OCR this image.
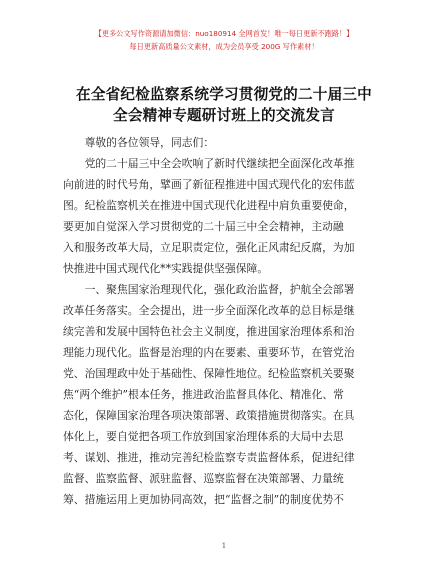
【更多公文写作资源请加微信：nuo180914 全网首发！唯一每日更新不跑路！】
每日更新高质量公文素材，成为会员享受 200G 写作素材！
在全省纪检监察系统学习贯彻党的二十届三中
全会精神专题研讨班上的交流发言
　　尊敬的各位领导，同志们：
　　党的二十届三中全会吹响了新时代继续把全面深化改革推
向前进的时代号角，擘画了新征程推进中国式现代化的宏伟蓝
图。纪检监察机关在推进中国式现代化进程中肩负重要使命，
要更加自觉深入学习贯彻党的二十届三中全会精神，主动融
入和服务改革大局，立足职责定位，强化正风肃纪反腐，为加
快推进中国式现代化**实践提供坚强保障。
　　一、聚焦国家治理现代化，强化政治监督，护航全会部署
改革任务落实。全会提出，进一步全面深化改革的总目标是继
续完善和发展中国特色社会主义制度，推进国家治理体系和治
理能力现代化。监督是治理的内在要素、重要环节，在管党治
党、治国理政中处于基础性、保障性地位。纪检监察机关要聚
焦“两个维护”根本任务，推进政治监督具体化、精准化、常
态化，保障国家治理各项决策部署、政策措施贯彻落实。在具
体化上，要自觉把各项工作放到国家治理体系的大局中去思
考、谋划、推进，推动完善纪检监察专责监督体系，促进纪律
监督、监察监督、派驻监督、巡察监督在决策部署、力量统
筹、措施运用上更加协同高效，把“监督之制”的制度优势不
1
